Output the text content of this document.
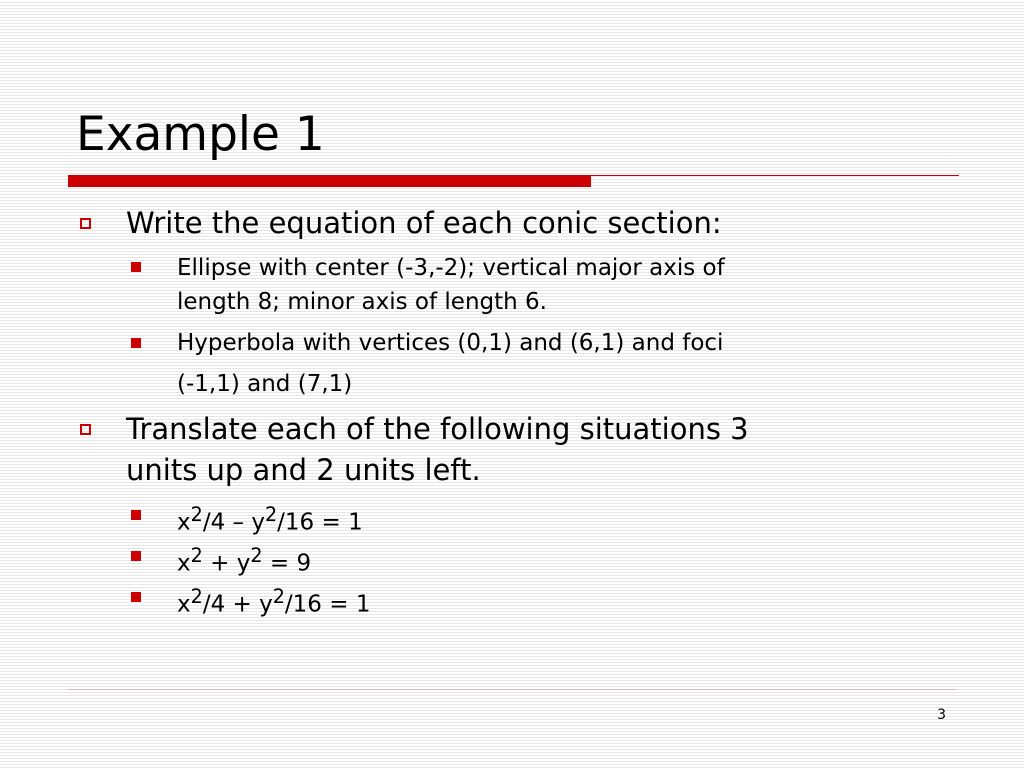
Example 1

Write the equation of each conic section:

Ellipse with center (-3,-2); vertical major axis of

length 8; minor axis of length 6.

Hyperbola with vertices (0,1) and (6,1) and foci

(-1,1) and (7,1)

Translate each of the following situations 3

units up and 2 units left.

$x^2/4 - y^2/16 = 1$

$x^2 + y^2 = 9$

$x^2/4 + y^2/16 = 1$

3
